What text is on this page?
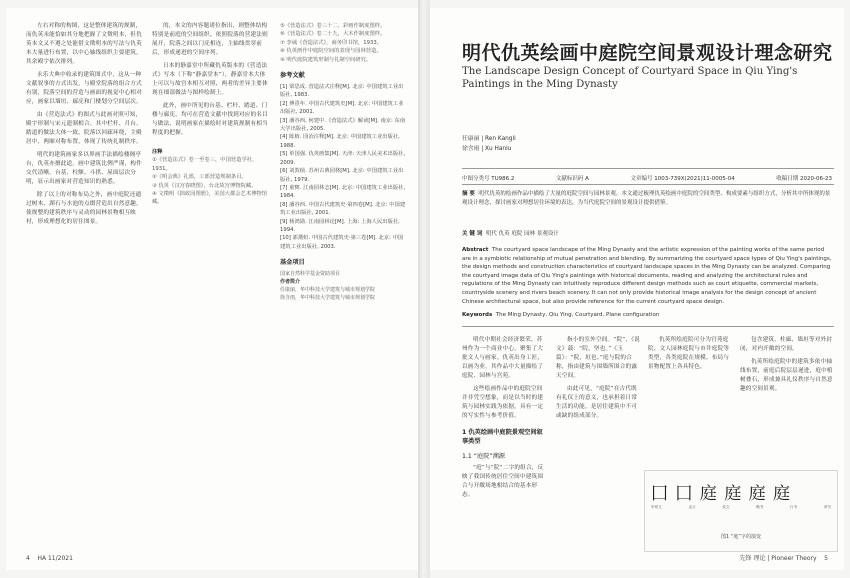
左右对称的构图，这是整体建筑的规制，而仇英未能恰如其分地把握了文徵明本，但仇英本文又不遵之处能借文徵明本的写法与仇英本大量进行布置，以中心轴线组织主要建筑，其余殿宇依次排列。

永乐大典中收录的建筑图式中，这从一种文献叙事的方式出发，与殿堂院落的组合方式有别，院落空间的营造与画面的视觉中心相对应，画家以墙垣、廊庑和门楼划分空间层次。

由《营造法式》的图式与此画对照可知，殿宇形制与宋元遗制相合。其中栏杆、月台、踏道的做法大体一致，院落以回廊环绕，主殿居中，两厢对称布置，体现了传统礼制秩序。

明代的建筑画家多以界画手法描绘楼阁亭台，仇英亦擅此道。画中建筑比例严谨，构件交代清晰，台基、柱额、斗拱、屋面层次分明，显示出画家对营造知识的熟悉。

除了以上的对称布局之外，画中庭院还通过树木、湖石与水池的点缀营造出自然意趣，使规整的建筑秩序与灵动的园林景物相互映衬，形成理想化的居住图景。

的，本文的内容题诸位指出，则整体结构特别是前庭的空间组织，依照院落的营建法则展开，院落之间以门庑相连，主轴线贯穿前后，形成递进的空间序列。

日本的静嘉堂中所藏仇英版本的《营造法式》写本（下称“静嘉堂本”），静嘉堂本大体上可以与故宫本相互对照，两者的差异主要体现在细部做法与图样绘制上。

此外，画中所见的台基、栏杆、踏道、门楼与廊庑，均可在营造文献中找到对应的名目与做法，说明画家在描绘时对建筑规制有相当程度的把握。

注释

①《营造法式》卷一至卷三，中国营造学社，1931。

②《明会典》礼部，工部营造规制条目。

③ 仇英《汉宫春晓图》，台北故宫博物院藏。

④ 文徵明《拙政园图册》，美国大都会艺术博物馆藏。

⑤《营造法式》卷三十二，彩画作制度图样。

⑥《营造法式》卷二十九，大木作制度图样。

⑦ 李诫《营造法式》，商务印书馆，1933。

⑧ 仇英画作中庭院空间的表现与园林营造。

⑨ 明代庭院建筑形制与礼制空间研究。

参考文献

[1] 梁思成. 营造法式注释[M]. 北京: 中国建筑工业出版社, 1983.

[2] 傅熹年. 中国古代建筑史[M]. 北京: 中国建筑工业出版社, 2001.

[3] 潘谷西, 何建中.《营造法式》解读[M]. 南京: 东南大学出版社, 2005.

[4] 陈植. 园冶注释[M]. 北京: 中国建筑工业出版社, 1988.

[5] 单国强. 仇英画集[M]. 天津: 天津人民美术出版社, 2009.

[6] 刘敦桢. 苏州古典园林[M]. 北京: 中国建筑工业出版社, 1979.

[7] 童寯. 江南园林志[M]. 北京: 中国建筑工业出版社, 1984.

[8] 潘谷西. 中国古代建筑史·第四卷[M]. 北京: 中国建筑工业出版社, 2001.

[9] 杨鸿勋. 江南园林论[M]. 上海: 上海人民出版社, 1994.

[10] 郭黛姮. 中国古代建筑史·第三卷[M]. 北京: 中国建筑工业出版社, 2003.

基金项目

国家自然科学基金资助项目

作者简介

任康丽，华中科技大学建筑与城市规划学院

徐含雨，华中科技大学建筑与城市规划学院

4 HA 11/2021
明代仇英绘画中庭院空间景观设计理念研究
The Landscape Design Concept of Courtyard Space in Qiu Ying's Paintings in the Ming Dynasty
任康丽 | Ren Kangli
徐含雨 | Xu Hanlu
中图分类号 TU986.2	文献标识码 A	文章编号 1003-739X(2021)11-0005-04	收稿日期 2020-06-23
摘 要 明代仇英的绘画作品中描绘了大量的庭院空间与园林景观。本文通过梳理仇英绘画中庭院的空间类型、构成要素与组织方式，分析其中所体现的景观设计理念，探讨画家对理想居住环境的表达，为当代庭院空间的景观设计提供借鉴。
关 键 词 明代 仇英 庭院 园林 景观设计
Abstract The courtyard space landscape of the Ming Dynasty and the artistic expression of the painting works of the same period are in a symbiotic relationship of mutual penetration and blending. By summarizing the courtyard space types of Qiu Ying's paintings, the design methods and construction characteristics of courtyard landscape spaces in the Ming Dynasty can be analyzed. Comparing the courtyard image data of Qiu Ying's paintings with historical documents, reading and analyzing the architectural rules and regulations of the Ming Dynasty can intuitively reproduce different design methods such as court etiquette, commercial markets, countryside scenery and rivers beach scenery. It can not only provide historical image analysis for the design concept of ancient Chinese architectural space, but also provide reference for the current courtyard space design.
Keywords The Ming Dynasty, Qiu Ying, Courtyard, Plane configuration

明代中期社会经济繁荣，苏州作为一个商业中心，聚集了大批文人与画家。仇英出身工匠，以画为业，其作品中大量描绘了庭院、园林与宫苑。

这些绘画作品中的庭院空间并非凭空想象，而是以当时的建筑与园林实践为依据，具有一定的写实性与参考价值。

1 仇英绘画中庭院景观空间叙事类型
1.1 “庭院”溯源

“庭”与“院”二字的组合，反映了我国传统居住空间中建筑围合与开敞场地相结合的基本形态。

指小的室外空间。“院”，《说文》载：“院，坚也。”《玉篇》：“院，垣也。”庭与院的合称，指由建筑与围墙所围合的露天空间。

由此可见，“庭院”在古代既有礼仪上的意义，也承担着日常生活的功能，是居住建筑中不可或缺的组成部分。

仇英所绘庭院可分为宫苑庭院、文人园林庭院与市井庭院等类型，各类庭院在规模、布局与景物配置上各具特色。

包含建筑、柱廊、墙垣等对外封闭，对内开敞的空间。

仇英所绘庭院中的建筑多依中轴线布置，前庭后院层层递进，庭中植树叠石，形成兼具礼仪秩序与自然意趣的空间景观。

囗 囗 庭 庭 庭 庭
甲骨文	金文	说文	楷书	行书	草书
图1 “庭”字的演变
先锋 理论 | Pioneer Theory 5
